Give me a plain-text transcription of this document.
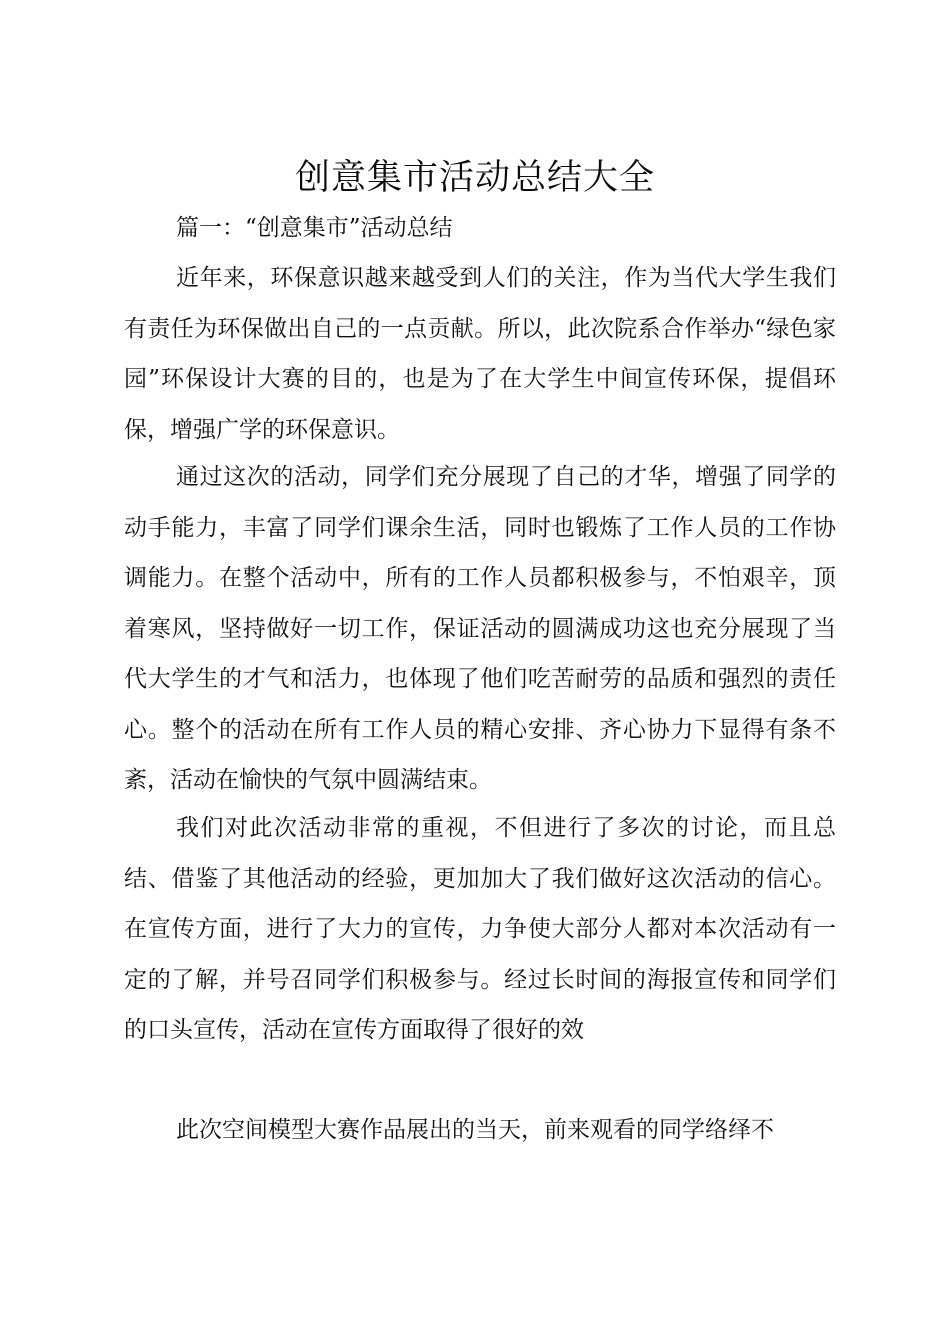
创意集市活动总结大全

篇一：“创意集市”活动总结

近年来，环保意识越来越受到人们的关注，作为当代大学生我们有责任为环保做出自己的一点贡献。所以，此次院系合作举办“绿色家园”环保设计大赛的目的，也是为了在大学生中间宣传环保，提倡环保，增强广学的环保意识。

通过这次的活动，同学们充分展现了自己的才华，增强了同学的动手能力，丰富了同学们课余生活，同时也锻炼了工作人员的工作协调能力。在整个活动中，所有的工作人员都积极参与，不怕艰辛，顶着寒风，坚持做好一切工作，保证活动的圆满成功这也充分展现了当代大学生的才气和活力，也体现了他们吃苦耐劳的品质和强烈的责任心。整个的活动在所有工作人员的精心安排、齐心协力下显得有条不紊，活动在愉快的气氛中圆满结束。

我们对此次活动非常的重视，不但进行了多次的讨论，而且总结、借鉴了其他活动的经验，更加加大了我们做好这次活动的信心。在宣传方面，进行了大力的宣传，力争使大部分人都对本次活动有一定的了解，并号召同学们积极参与。经过长时间的海报宣传和同学们的口头宣传，活动在宣传方面取得了很好的效

此次空间模型大赛作品展出的当天，前来观看的同学络绎不
